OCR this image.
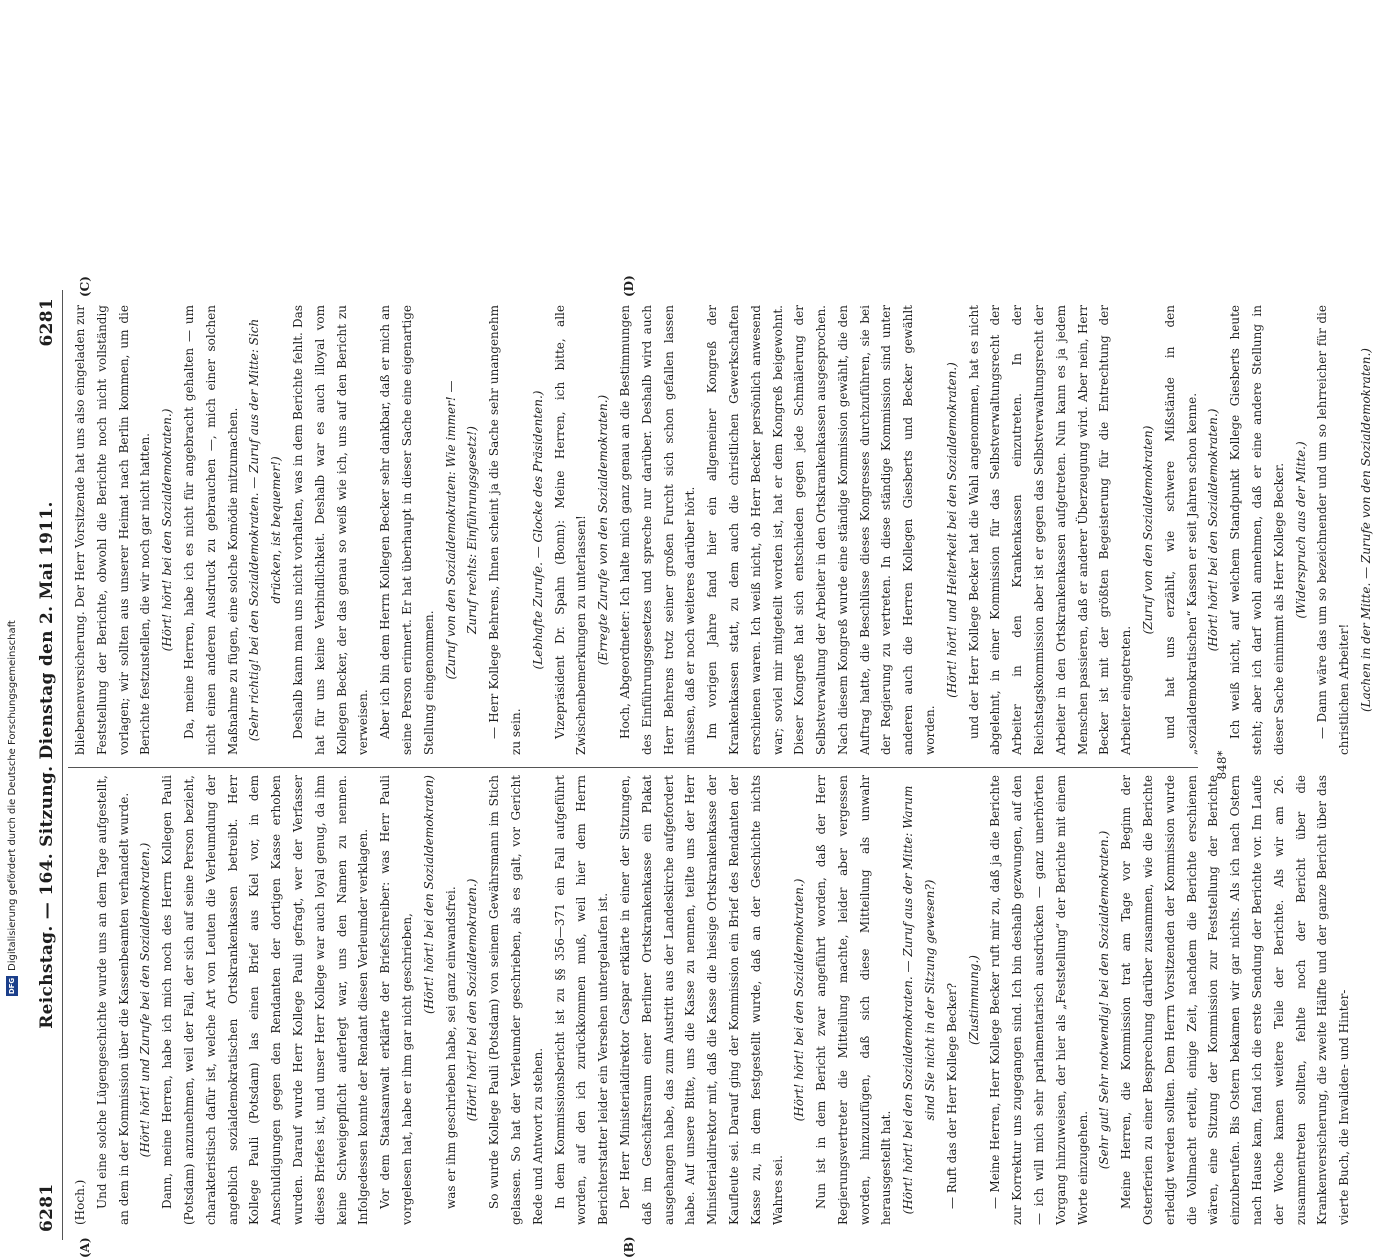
6281
Reichstag. — 164. Sitzung. Dienstag den 2. Mai 1911.
6281
(A)	(B)
(C)	(D)

(Hoch.) Und eine solche Lügengeschichte wurde uns an dem Tage aufgestellt, an dem in der Kommission über die Kassenbeamten verhandelt wurde. (Hört! hört! und Zurufe bei den Sozialdemokraten.) Dann, meine Herren, habe ich mich noch des Herrn Kollegen Pauli (Potsdam) anzunehmen, weil der Fall, der sich auf seine Person bezieht, charakteristisch dafür ist, welche Art von Leuten die Verleumdung der angeblich sozialdemokratischen Ortskrankenkassen betreibt. Herr Kollege Pauli (Potsdam) las einen Brief aus Kiel vor, in dem Anschuldigungen gegen den Rendanten der dortigen Kasse erhoben wurden. Darauf wurde Herr Kollege Pauli gefragt, wer der Verfasser dieses Briefes ist, und unser Herr Kollege war auch loyal genug, da ihm keine Schweigepflicht auferlegt war, uns den Namen zu nennen. Infolgedessen konnte der Rendant diesen Verleumder verklagen. Vor dem Staatsanwalt erklärte der Briefschreiber: was Herr Pauli vorgelesen hat, habe er ihm gar nicht geschrieben,

(Hört! hört! bei den Sozialdemokraten) was er ihm geschrieben habe, sei ganz einwandsfrei. (Hört! hört! bei den Sozialdemokraten.) So wurde Kollege Pauli (Potsdam) von seinem Gewährsmann im Stich gelassen. So hat der Verleumder geschrieben, als es galt, vor Gericht Rede und Antwort zu stehen. In dem Kommissionsbericht ist zu §§ 356—371 ein Fall aufgeführt worden, auf den ich zurückkommen muß, weil hier dem Herrn Berichterstatter leider ein Versehen untergelaufen ist. Der Herr Ministerialdirektor Caspar erklärte in einer der Sitzungen, daß im Geschäftsraum einer Berliner Ortskrankenkasse ein Plakat ausgehangen habe, das zum Austritt aus der Landeskirche aufgefordert habe. Auf unsere Bitte, uns die Kasse zu nennen, teilte uns der Herr Ministerialdirektor mit, daß die Kasse die hiesige Ortskrankenkasse der Kaufleute sei. Darauf ging der Kommission ein Brief des Rendanten der Kasse zu, in dem festgestellt wurde, daß an der Geschichte nichts Wahres sei.

(Hört! hört! bei den Sozialdemokraten.) Nun ist in dem Bericht zwar angeführt worden, daß der Herr Regierungsvertreter die Mitteilung machte, leider aber vergessen worden, hinzuzufügen, daß sich diese Mitteilung als unwahr herausgestellt hat. (Hört! hört! bei den Sozialdemokraten. — Zuruf aus der Mitte: Warum sind Sie nicht in der Sitzung gewesen?) — Ruft das der Herr Kollege Becker? (Zustimmung.) — Meine Herren, Herr Kollege Becker ruft mir zu, daß ja die Berichte zur Korrektur uns zugegangen sind. Ich bin deshalb gezwungen, auf den — ich will mich sehr parlamentarisch ausdrücken — ganz unerhörten Vorgang hinzuweisen, der hier als „Feststellung“ der Berichte mit einem Worte einzugehen. (Sehr gut! Sehr notwendig! bei den Sozialdemokraten.) Meine Herren, die Kommission trat am Tage vor Beginn der Osterferien zu einer Besprechung darüber zusammen, wie die Berichte erledigt werden sollten. Dem Herrn Vorsitzenden der Kommission wurde die Vollmacht erteilt, einige Zeit, nachdem die Berichte erschienen wären, eine Sitzung der Kommission zur Feststellung der Berichte einzuberufen. Bis Ostern bekamen wir gar nichts. Als ich nach Ostern nach Hause kam, fand ich die erste Sendung der Berichte vor. Im Laufe der Woche kamen weitere Teile der Berichte. Als wir am 26. zusammentreten sollten, fehlte noch der Bericht über die Krankenversicherung, die zweite Hälfte und der ganze Bericht über das vierte Buch, die Invaliden- und Hinter-

bliebenenversicherung. Der Herr Vorsitzende hat uns also eingeladen zur Feststellung der Berichte, obwohl die Berichte noch nicht vollständig vorlagen; wir sollten aus unserer Heimat nach Berlin kommen, um die Berichte festzustellen, die wir noch gar nicht hatten. (Hört! hört! bei den Sozialdemokraten.) Da, meine Herren, habe ich es nicht für angebracht gehalten — um nicht einen anderen Ausdruck zu gebrauchen —, mich einer solchen Maßnahme zu fügen, eine solche Komödie mitzumachen. (Sehr richtig! bei den Sozialdemokraten. — Zuruf aus der Mitte: Sich drücken, ist bequemer!) Deshalb kann man uns nicht vorhalten, was in dem Berichte fehlt. Das hat für uns keine Verbindlichkeit. Deshalb war es auch illoyal vom Kollegen Becker, der das genau so weiß wie ich, uns auf den Bericht zu verweisen. Aber ich bin dem Herrn Kollegen Becker sehr dankbar, daß er mich an seine Person erinnert. Er hat überhaupt in dieser Sache eine eigenartige Stellung eingenommen.

(Zuruf von den Sozialdemokraten: Wie immer! — Zuruf rechts: Einführungsgesetz!) — Herr Kollege Behrens, Ihnen scheint ja die Sache sehr unangenehm zu sein.

(Lebhafte Zurufe. — Glocke des Präsidenten.) Vizepräsident Dr. Spahn (Bonn): Meine Herren, ich bitte, alle Zwischenbemerkungen zu unterlassen! (Erregte Zurufe von den Sozialdemokraten.) Hoch, Abgeordneter: Ich halte mich ganz genau an die Bestimmungen des Einführungsgesetzes und spreche nur darüber. Deshalb wird auch Herr Behrens trotz seiner großen Furcht sich schon gefallen lassen müssen, daß er noch weiteres darüber hört. Im vorigen Jahre fand hier ein allgemeiner Kongreß der Krankenkassen statt, zu dem auch die christlichen Gewerkschaften erschienen waren. Ich weiß nicht, ob Herr Becker persönlich anwesend war; soviel mir mitgeteilt worden ist, hat er dem Kongreß beigewohnt. Dieser Kongreß hat sich entschieden gegen jede Schmälerung der Selbstverwaltung der Arbeiter in den Ortskrankenkassen ausgesprochen. Nach diesem Kongreß wurde eine ständige Kommission gewählt, die den Auftrag hatte, die Beschlüsse dieses Kongresses durchzuführen, sie bei der Regierung zu vertreten. In diese ständige Kommission sind unter anderen auch die Herren Kollegen Giesberts und Becker gewählt worden.

(Hört! hört! und Heiterkeit bei den Sozialdemokraten.) und der Herr Kollege Becker hat die Wahl angenommen, hat es nicht abgelehnt, in einer Kommission für das Selbstverwaltungsrecht der Arbeiter in den Krankenkassen einzutreten. In der Reichstagskommission aber ist er gegen das Selbstverwaltungsrecht der Arbeiter in den Ortskrankenkassen aufgetreten. Nun kann es ja jedem Menschen passieren, daß er anderer Überzeugung wird. Aber nein, Herr Becker ist mit der größten Begeisterung für die Entrechtung der Arbeiter eingetreten.

(Zuruf von den Sozialdemokraten) und hat uns erzählt, wie schwere Mißstände in den „sozialdemokratischen“ Kassen er seit Jahren schon kenne. (Hört! hört! bei den Sozialdemokraten.) Ich weiß nicht, auf welchem Standpunkt Kollege Giesberts heute steht; aber ich darf wohl annehmen, daß er eine andere Stellung in dieser Sache einnimmt als Herr Kollege Becker. (Widerspruch aus der Mitte.) — Dann wäre das um so bezeichnender und um so lehrreicher für die christlichen Arbeiter! (Lachen in der Mitte. — Zurufe von den Sozialdemokraten.)

848*
DFG
Digitalisierung gefördert durch die Deutsche Forschungsgemeinschaft
